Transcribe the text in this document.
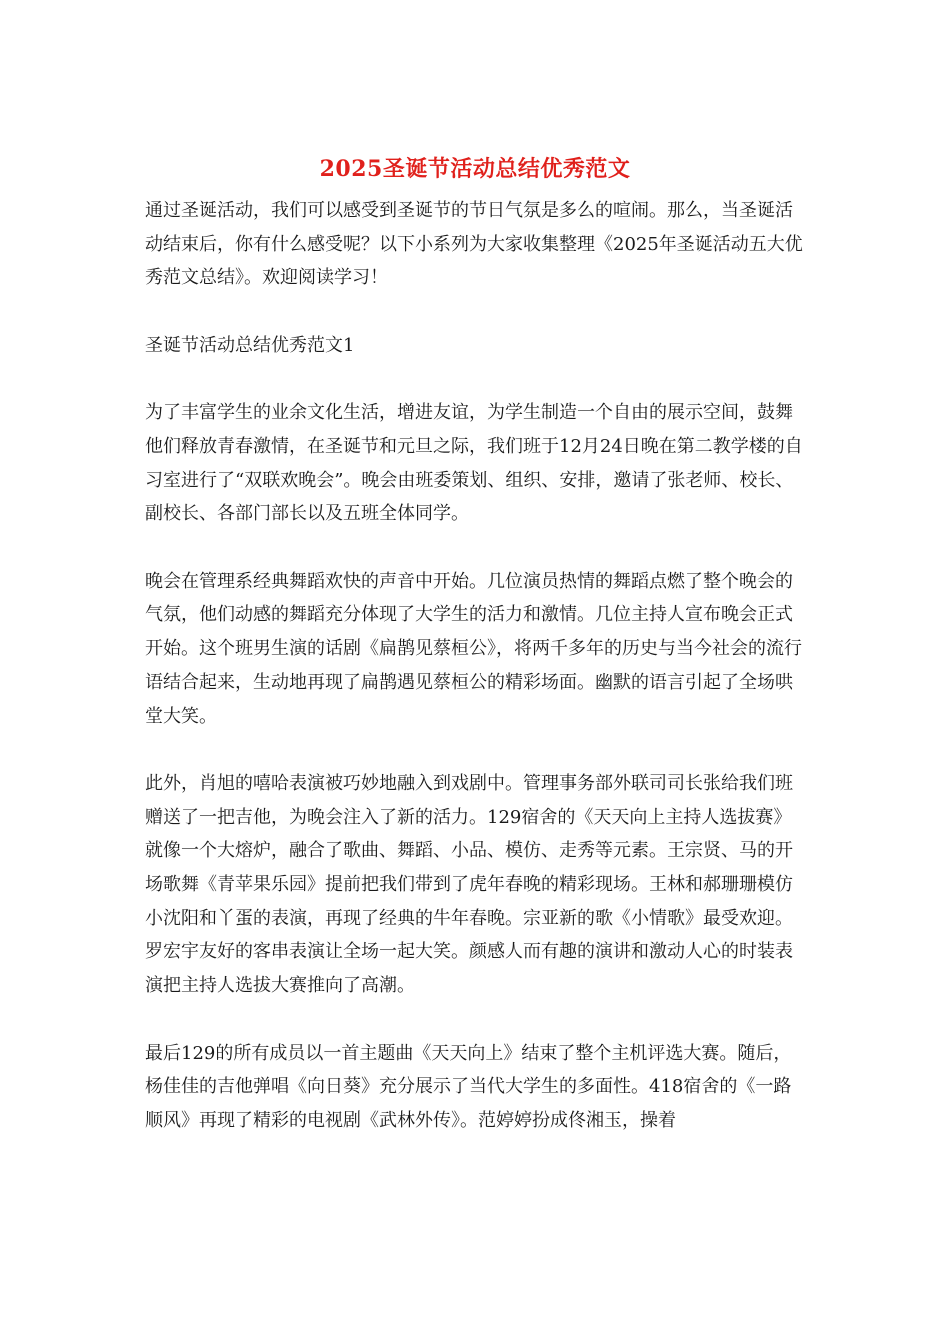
2025圣诞节活动总结优秀范文

通过圣诞活动，我们可以感受到圣诞节的节日气氛是多么的喧闹。那么，当圣诞活动结束后，你有什么感受呢？以下小系列为大家收集整理《2025年圣诞活动五大优秀范文总结》。欢迎阅读学习！

圣诞节活动总结优秀范文1

为了丰富学生的业余文化生活，增进友谊，为学生制造一个自由的展示空间，鼓舞他们释放青春激情，在圣诞节和元旦之际，我们班于12月24日晚在第二教学楼的自习室进行了“双联欢晚会”。晚会由班委策划、组织、安排，邀请了张老师、校长、副校长、各部门部长以及五班全体同学。

晚会在管理系经典舞蹈欢快的声音中开始。几位演员热情的舞蹈点燃了整个晚会的气氛，他们动感的舞蹈充分体现了大学生的活力和激情。几位主持人宣布晚会正式开始。这个班男生演的话剧《扁鹊见蔡桓公》，将两千多年的历史与当今社会的流行语结合起来，生动地再现了扁鹊遇见蔡桓公的精彩场面。幽默的语言引起了全场哄堂大笑。

此外，肖旭的嘻哈表演被巧妙地融入到戏剧中。管理事务部外联司司长张给我们班赠送了一把吉他，为晚会注入了新的活力。129宿舍的《天天向上主持人选拔赛》就像一个大熔炉，融合了歌曲、舞蹈、小品、模仿、走秀等元素。王宗贤、马的开场歌舞《青苹果乐园》提前把我们带到了虎年春晚的精彩现场。王林和郝珊珊模仿小沈阳和丫蛋的表演，再现了经典的牛年春晚。宗亚新的歌《小情歌》最受欢迎。罗宏宇友好的客串表演让全场一起大笑。颜感人而有趣的演讲和激动人心的时装表演把主持人选拔大赛推向了高潮。

最后129的所有成员以一首主题曲《天天向上》结束了整个主机评选大赛。随后，杨佳佳的吉他弹唱《向日葵》充分展示了当代大学生的多面性。418宿舍的《一路顺风》再现了精彩的电视剧《武林外传》。范婷婷扮成佟湘玉，操着
